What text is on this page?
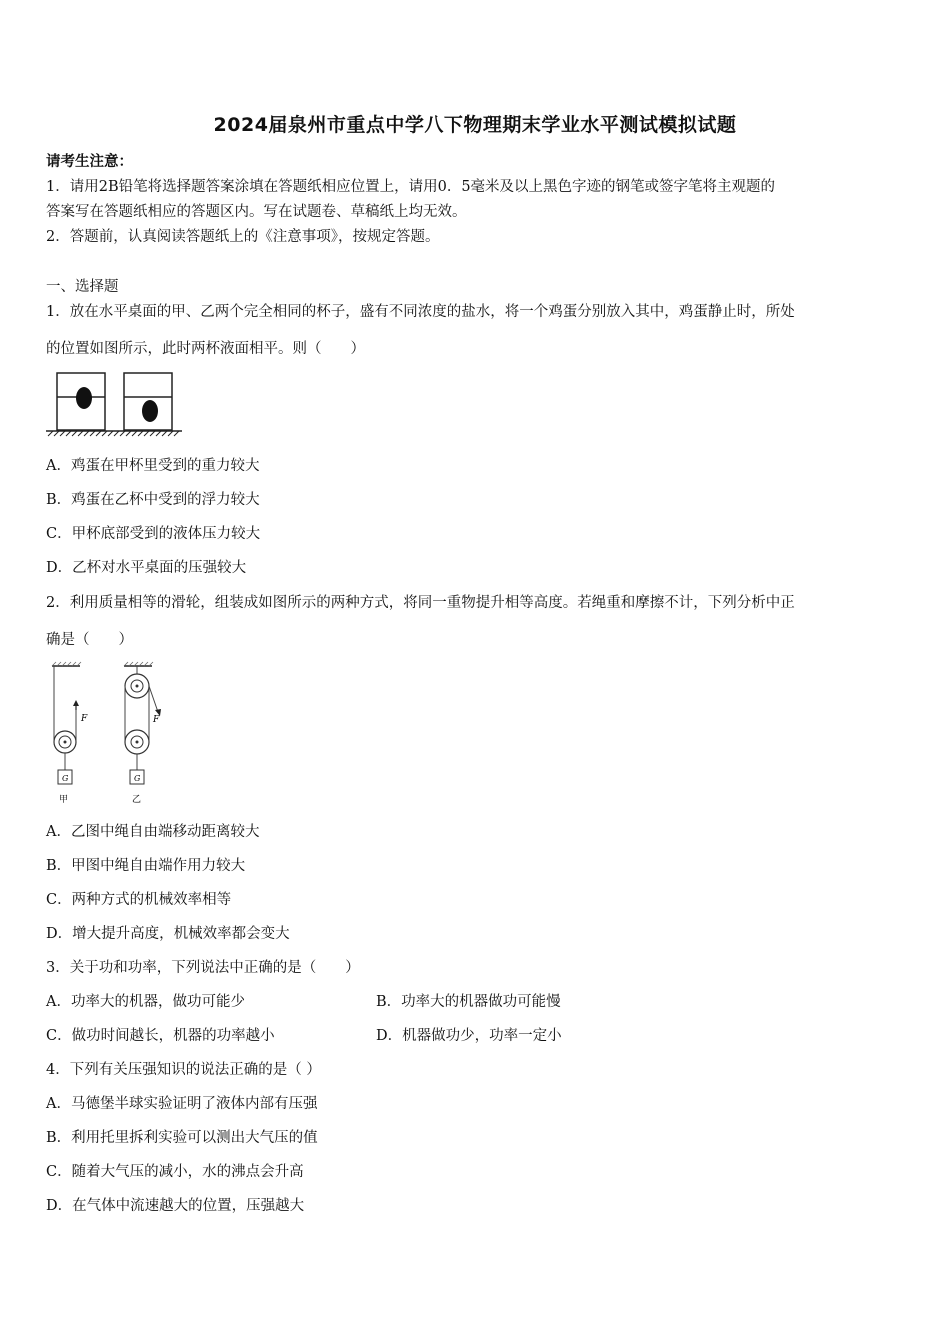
2024届泉州市重点中学八下物理期末学业水平测试模拟试题
请考生注意：
1．请用2B铅笔将选择题答案涂填在答题纸相应位置上，请用0．5毫米及以上黑色字迹的钢笔或签字笔将主观题的
答案写在答题纸相应的答题区内。写在试题卷、草稿纸上均无效。
2．答题前，认真阅读答题纸上的《注意事项》，按规定答题。
一、选择题
1．放在水平桌面的甲、乙两个完全相同的杯子，盛有不同浓度的盐水，将一个鸡蛋分别放入其中，鸡蛋静止时，所处
的位置如图所示，此时两杯液面相平。则（　　）
A．鸡蛋在甲杯里受到的重力较大
B．鸡蛋在乙杯中受到的浮力较大
C．甲杯底部受到的液体压力较大
D．乙杯对水平桌面的压强较大
2．利用质量相等的滑轮，组装成如图所示的两种方式，将同一重物提升相等高度。若绳重和摩擦不计，下列分析中正
确是（　　）
F
G
甲
F
G
乙
A．乙图中绳自由端移动距离较大
B．甲图中绳自由端作用力较大
C．两种方式的机械效率相等
D．增大提升高度，机械效率都会变大
3．关于功和功率，下列说法中正确的是（　　）
A．功率大的机器，做功可能少	B．功率大的机器做功可能慢
C．做功时间越长，机器的功率越小	D．机器做功少，功率一定小
4．下列有关压强知识的说法正确的是（ ）
A．马德堡半球实验证明了液体内部有压强
B．利用托里拆利实验可以测出大气压的值
C．随着大气压的减小，水的沸点会升高
D．在气体中流速越大的位置，压强越大
